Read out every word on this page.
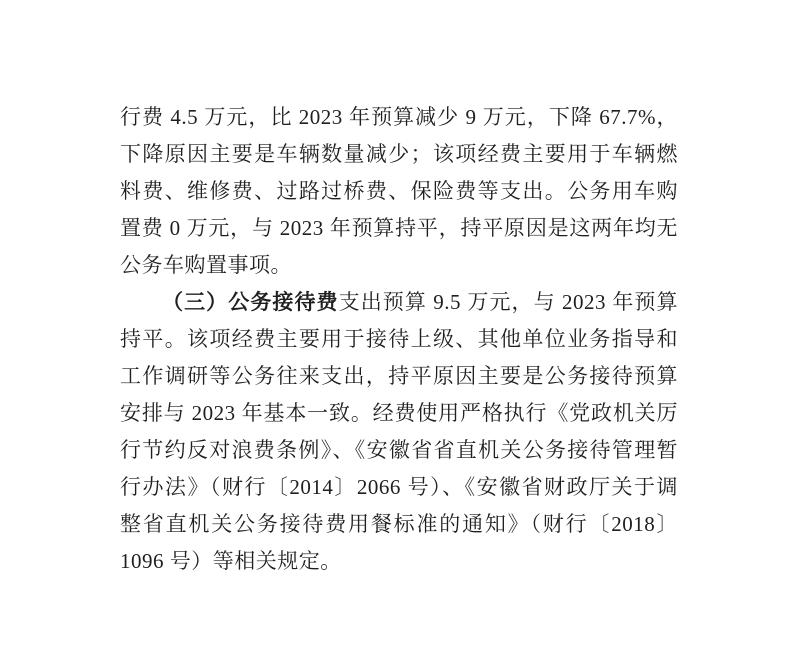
行费 4.5 万元，比 2023 年预算减少 9 万元，下降 67.7%，
下降原因主要是车辆数量减少；该项经费主要用于车辆燃
料费、维修费、过路过桥费、保险费等支出。公务用车购
置费 0 万元，与 2023 年预算持平，持平原因是这两年均无
公务车购置事项。
（三）公务接待费支出预算 9.5 万元，与 2023 年预算
持平。该项经费主要用于接待上级、其他单位业务指导和
工作调研等公务往来支出，持平原因主要是公务接待预算
安排与 2023 年基本一致。经费使用严格执行《党政机关厉
行节约反对浪费条例》、《安徽省省直机关公务接待管理暂
行办法》（财行〔2014〕2066 号）、《安徽省财政厅关于调
整省直机关公务接待费用餐标准的通知》（财行〔2018〕
1096 号）等相关规定。
